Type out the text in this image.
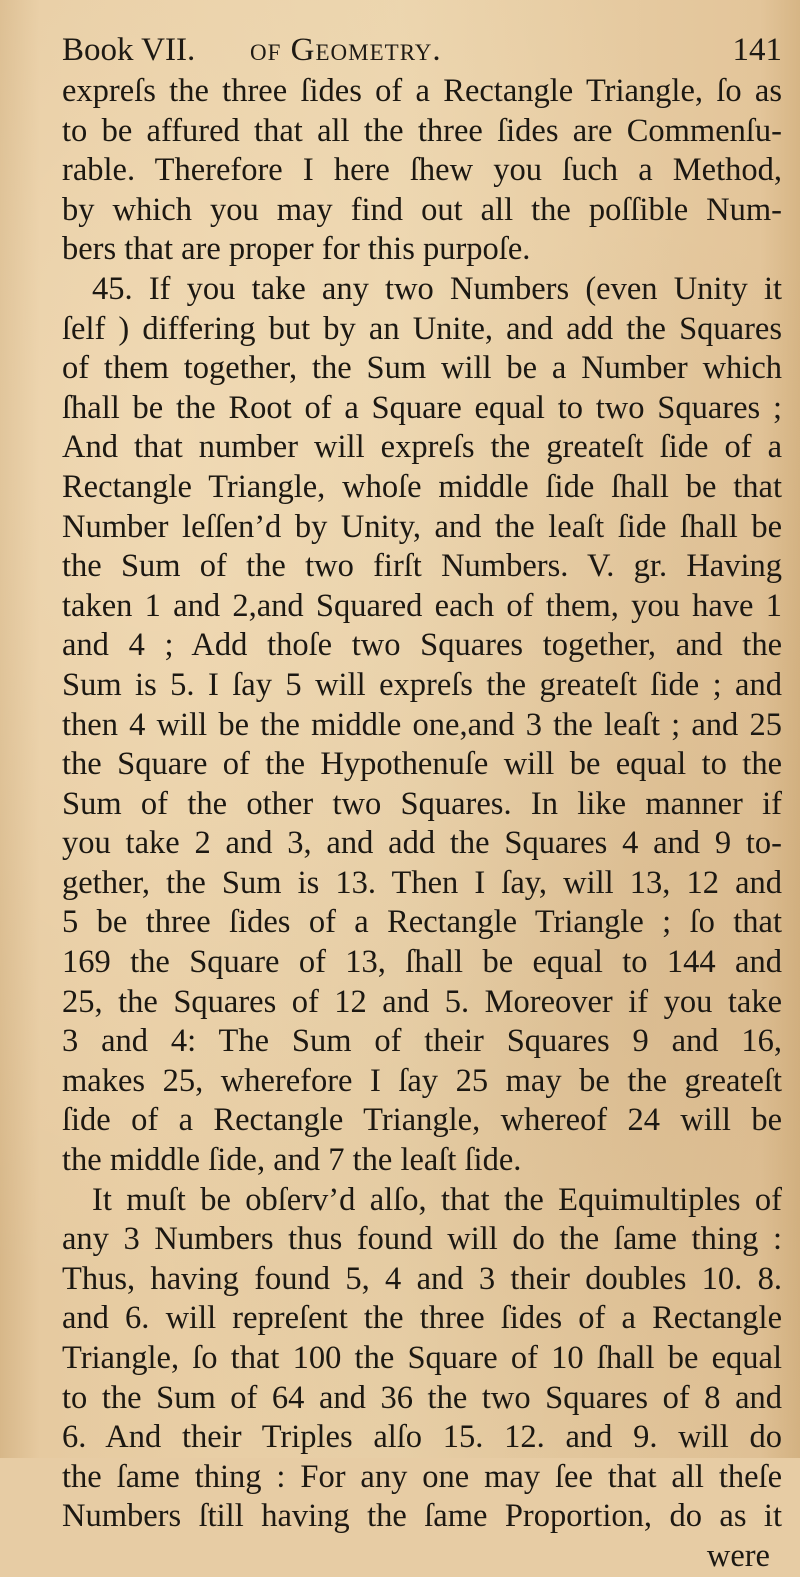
Book VII. of Geometry.	141
expreſs the three ſides of a Rectangle Triangle, ſo as
to be affured that all the three ſides are Commenſu-
rable. Therefore I here ſhew you ſuch a Method,
by which you may find out all the poſſible Num-
bers that are proper for this purpoſe.
45. If you take any two Numbers (even Unity it
ſelf ) differing but by an Unite, and add the Squares
of them together, the Sum will be a Number which
ſhall be the Root of a Square equal to two Squares ;
And that number will expreſs the greateſt ſide of a
Rectangle Triangle, whoſe middle ſide ſhall be that
Number leſſen’d by Unity, and the leaſt ſide ſhall be
the Sum of the two firſt Numbers. V. gr. Having
taken 1 and 2,and Squared each of them, you have 1
and 4 ; Add thoſe two Squares together, and the
Sum is 5. I ſay 5 will expreſs the greateſt ſide ; and
then 4 will be the middle one,and 3 the leaſt ; and 25
the Square of the Hypothenuſe will be equal to the
Sum of the other two Squares. In like manner if
you take 2 and 3, and add the Squares 4 and 9 to-
gether, the Sum is 13. Then I ſay, will 13, 12 and
5 be three ſides of a Rectangle Triangle ; ſo that
169 the Square of 13, ſhall be equal to 144 and
25, the Squares of 12 and 5. Moreover if you take
3 and 4: The Sum of their Squares 9 and 16,
makes 25, wherefore I ſay 25 may be the greateſt
ſide of a Rectangle Triangle, whereof 24 will be
the middle ſide, and 7 the leaſt ſide.
It muſt be obſerv’d alſo, that the Equimultiples of
any 3 Numbers thus found will do the ſame thing :
Thus, having found 5, 4 and 3 their doubles 10. 8.
and 6. will repreſent the three ſides of a Rectangle
Triangle, ſo that 100 the Square of 10 ſhall be equal
to the Sum of 64 and 36 the two Squares of 8 and
6. And their Triples alſo 15. 12. and 9. will do
the ſame thing : For any one may ſee that all theſe
Numbers ſtill having the ſame Proportion, do as it
were
